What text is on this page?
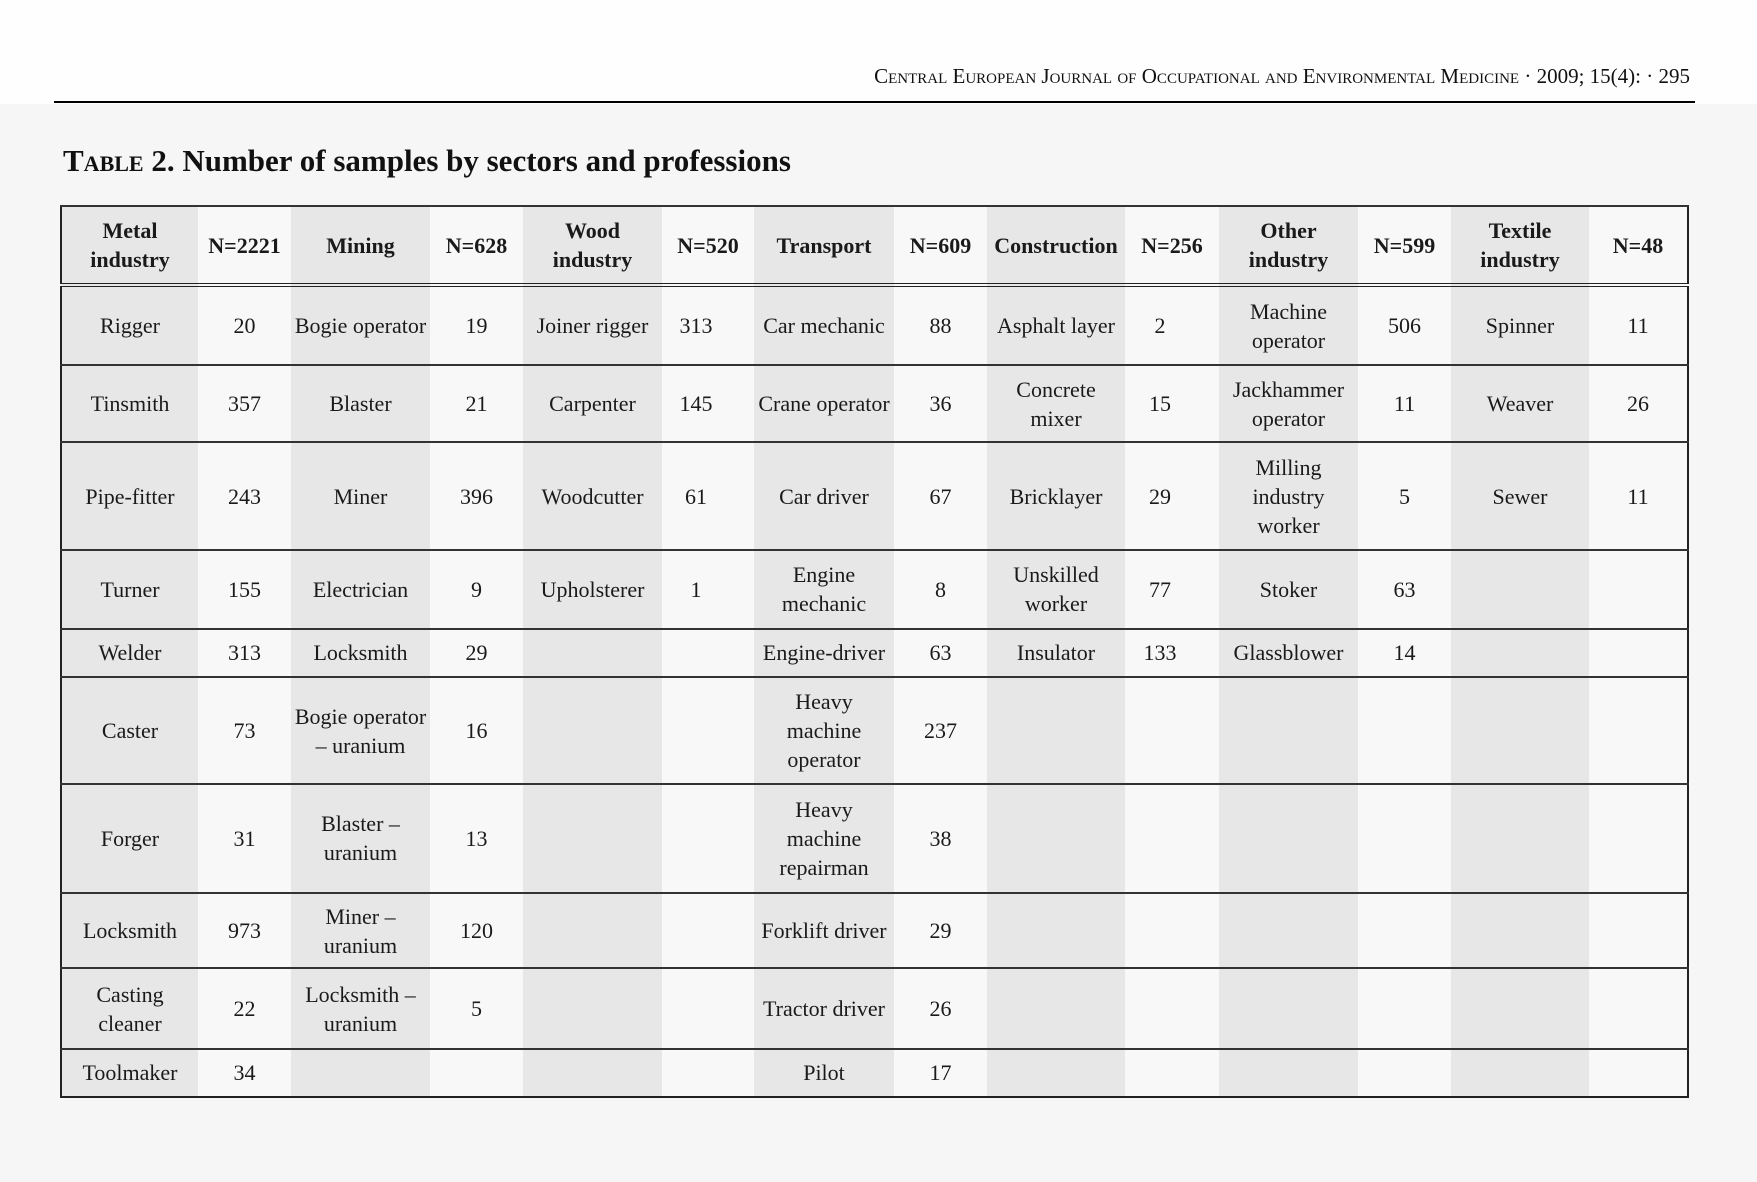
Central European Journal of Occupational and Environmental Medicine · 2009; 15(4): · 295
Table 2. Number of samples by sectors and professions
Metal industry	N=2221	Mining	N=628	Wood industry	N=520	Transport	N=609	Construction	N=256	Other industry	N=599	Textile industry	N=48
Rigger	20	Bogie operator	19	Joiner rigger	313	Car mechanic	88	Asphalt layer	2	Machine operator	506	Spinner	11
Tinsmith	357	Blaster	21	Carpenter	145	Crane operator	36	Concrete mixer	15	Jackhammer operator	11	Weaver	26
Pipe-fitter	243	Miner	396	Woodcutter	61	Car driver	67	Bricklayer	29	Milling industry worker	5	Sewer	11
Turner	155	Electrician	9	Upholsterer	1	Engine mechanic	8	Unskilled worker	77	Stoker	63		
Welder	313	Locksmith	29			Engine-driver	63	Insulator	133	Glassblower	14		
Caster	73	Bogie operator – uranium	16			Heavy machine operator	237						
Forger	31	Blaster – uranium	13			Heavy machine repairman	38						
Locksmith	973	Miner – uranium	120			Forklift driver	29						
Casting cleaner	22	Locksmith – uranium	5			Tractor driver	26						
Toolmaker	34					Pilot	17						
